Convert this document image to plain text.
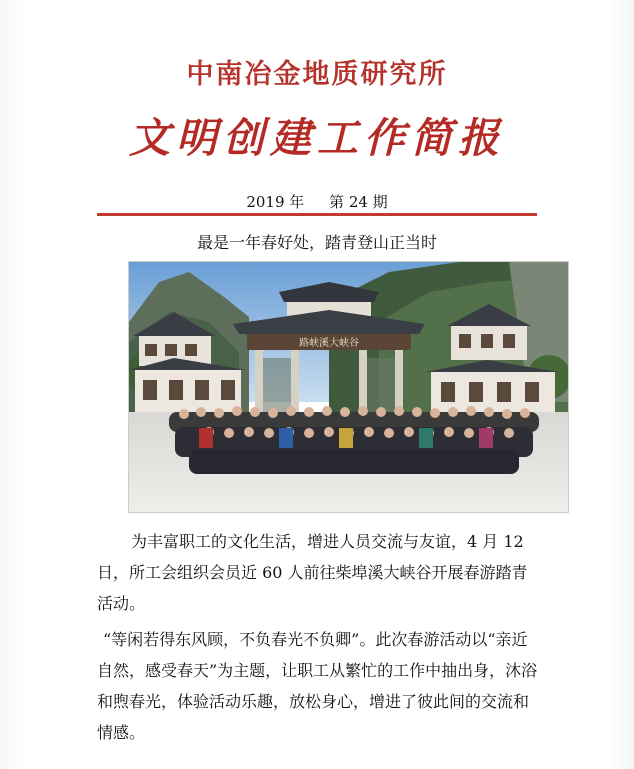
中南冶金地质研究所
文明创建工作简报
2019 年 第 24 期
最是一年春好处，踏青登山正当时
路峡溪大峡谷

为丰富职工的文化生活，增进人员交流与友谊，4 月 12 日，所工会组织会员近 60 人前往柴埠溪大峡谷开展春游踏青活动。

“等闲若得东风顾，不负春光不负卿”。此次春游活动以“亲近自然，感受春天”为主题，让职工从繁忙的工作中抽出身，沐浴和煦春光，体验活动乐趣，放松身心，增进了彼此间的交流和情感。
